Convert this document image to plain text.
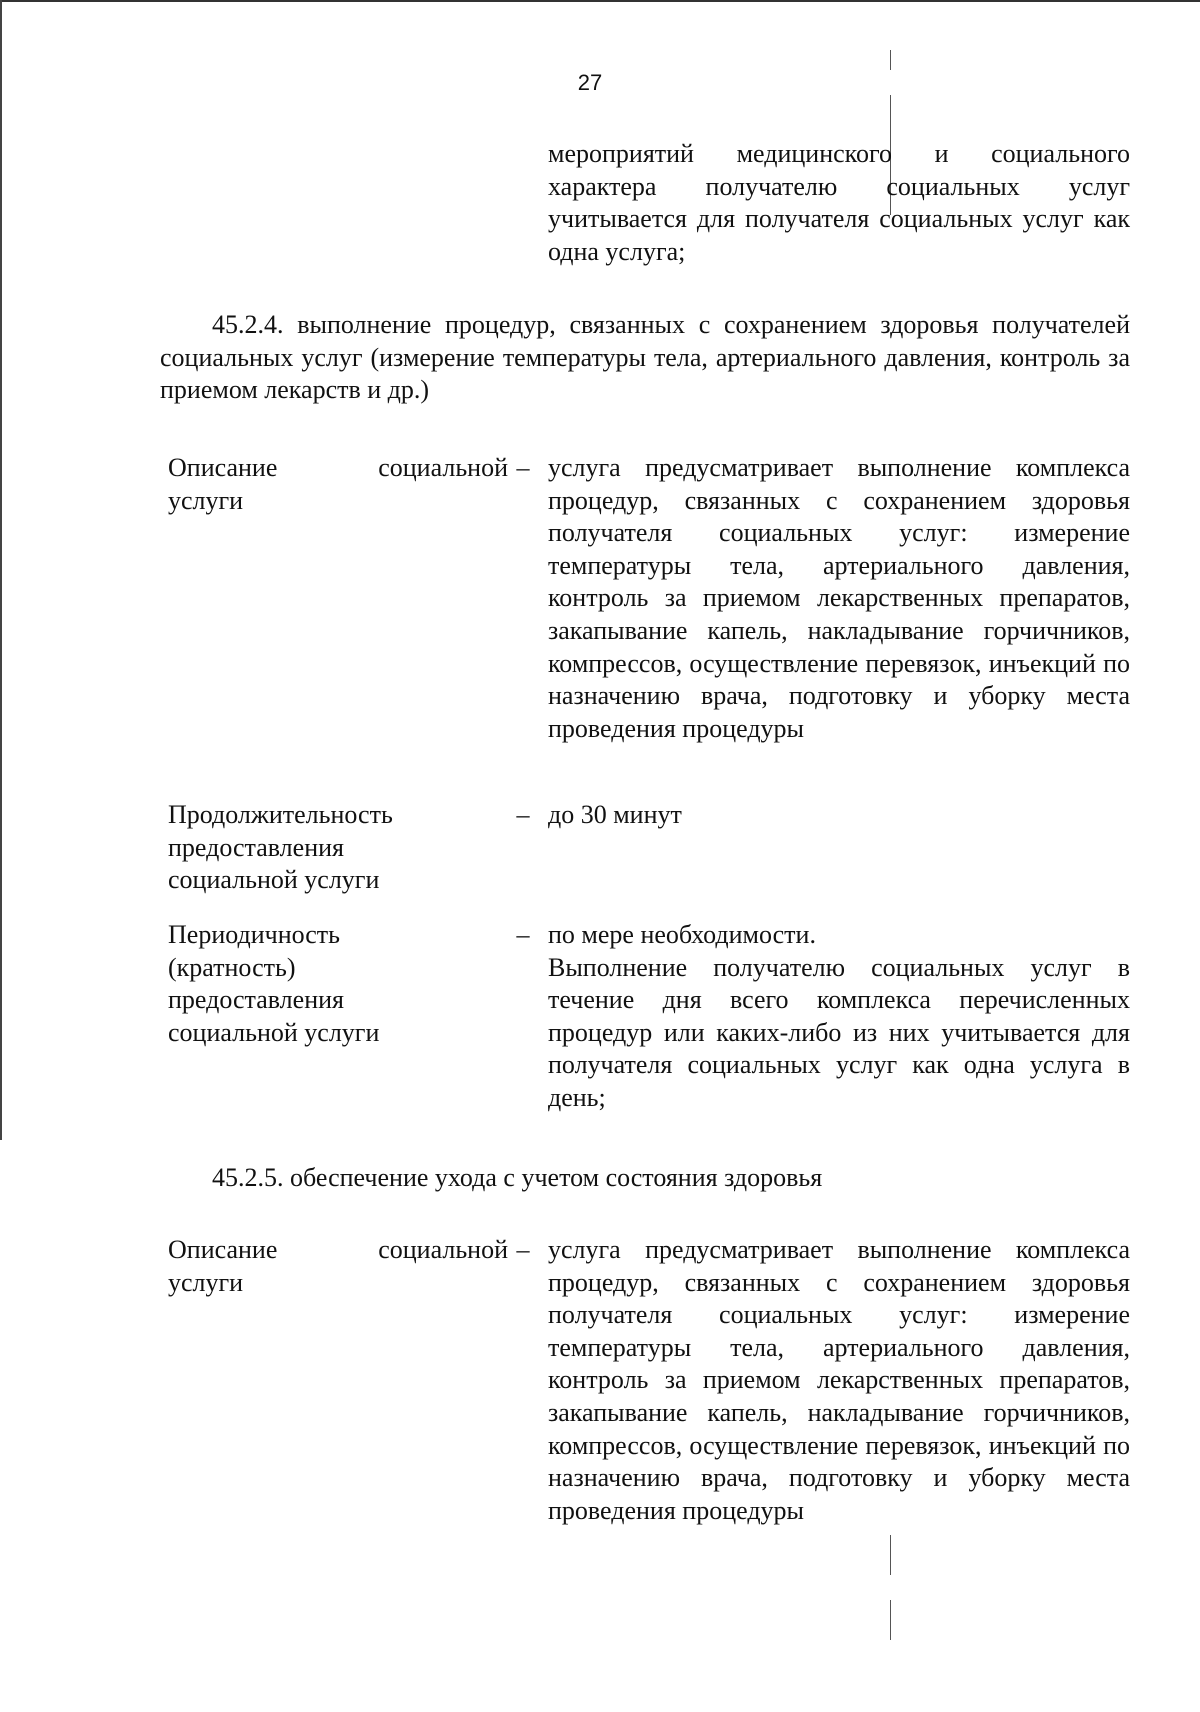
27
мероприятий медицинского и социального характера получателю социальных услуг учитывается для получателя социальных услуг как одна услуга;

45.2.4. выполнение процедур, связанных с сохранением здоровья получателей социальных услуг (измерение температуры тела, артериального давления, контроль за приемом лекарств и др.)

Описание	социальной
услуги
– услуга предусматривает выполнение комплекса процедур, связанных с сохранением здоровья получателя социальных услуг: измерение температуры тела, артериального давления, контроль за приемом лекарственных препаратов, закапывание капель, накладывание горчичников, компрессов, осуществление перевязок, инъекций по назначению врача, подготовку и уборку места проведения процедуры
Продолжительность предоставления социальной услуги
– до 30 минут
Периодичность (кратность) предоставления социальной услуги
– по мере необходимости.
Выполнение получателю социальных услуг в течение дня всего комплекса перечисленных процедур или каких-либо из них учитывается для получателя социальных услуг как одна услуга в день;

45.2.5. обеспечение ухода с учетом состояния здоровья

Описание	социальной
услуги
– услуга предусматривает выполнение комплекса процедур, связанных с сохранением здоровья получателя социальных услуг: измерение температуры тела, артериального давления, контроль за приемом лекарственных препаратов, закапывание капель, накладывание горчичников, компрессов, осуществление перевязок, инъекций по назначению врача, подготовку и уборку места проведения процедуры
